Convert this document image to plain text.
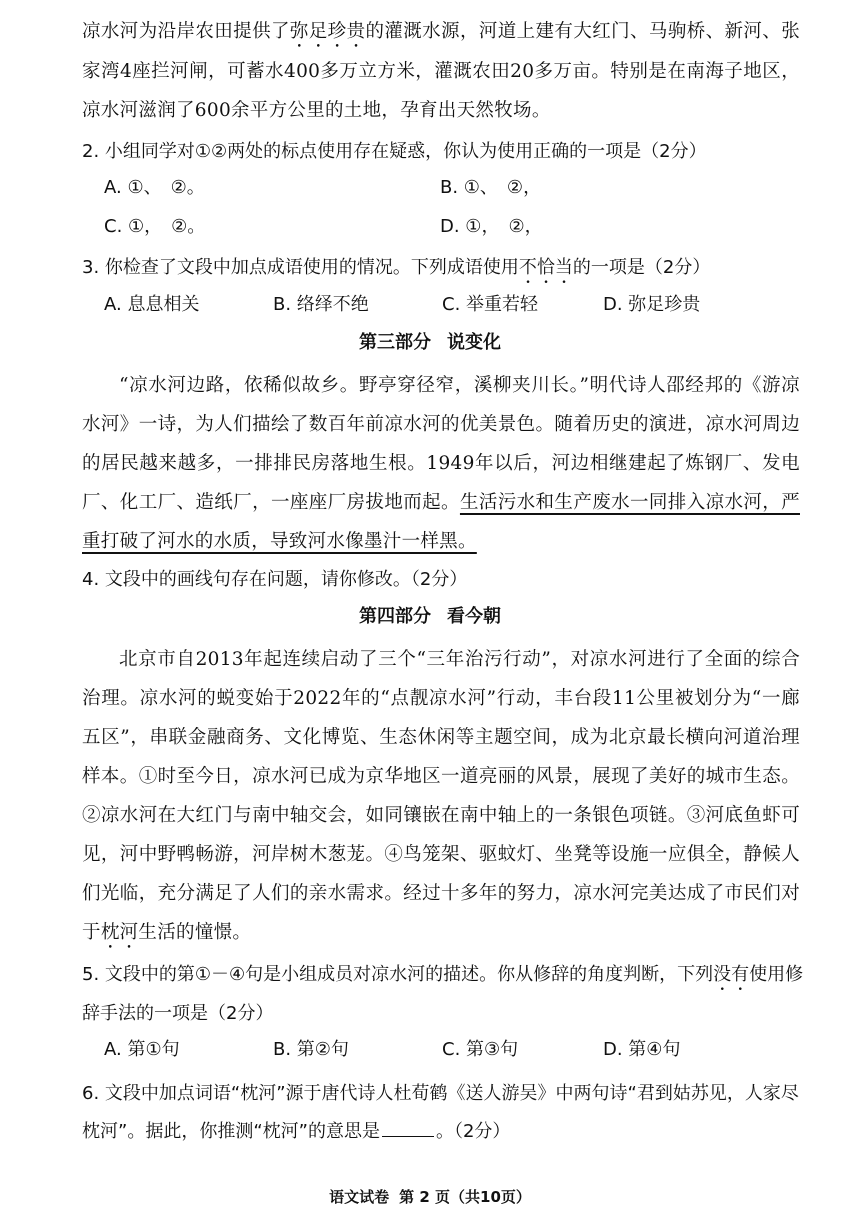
凉水河为沿岸农田提供了弥足珍贵的灌溉水源，河道上建有大红门、马驹桥、新河、张家湾4座拦河闸，可蓄水400多万立方米，灌溉农田20多万亩。特别是在南海子地区，凉水河滋润了600余平方公里的土地，孕育出天然牧场。

2. 小组同学对①②两处的标点使用存在疑惑，你认为使用正确的一项是（2分）

A. ①、　②。	B. ①、　②，
C. ①，　②。	D. ①，　②，

3. 你检查了文段中加点成语使用的情况。下列成语使用不恰当的一项是（2分）

A. 息息相关	B. 络绎不绝	C. 举重若轻	D. 弥足珍贵
第三部分 说变化

“凉水河边路，依稀似故乡。野亭穿径窄，溪柳夹川长。”明代诗人邵经邦的《游凉水河》一诗，为人们描绘了数百年前凉水河的优美景色。随着历史的演进，凉水河周边的居民越来越多，一排排民房落地生根。1949年以后，河边相继建起了炼钢厂、发电厂、化工厂、造纸厂，一座座厂房拔地而起。生活污水和生产废水一同排入凉水河，严重打破了河水的水质，导致河水像墨汁一样黑。

4. 文段中的画线句存在问题，请你修改。（2分）

第四部分 看今朝

北京市自2013年起连续启动了三个“三年治污行动”，对凉水河进行了全面的综合治理。凉水河的蜕变始于2022年的“点靓凉水河”行动，丰台段11公里被划分为“一廊五区”，串联金融商务、文化博览、生态休闲等主题空间，成为北京最长横向河道治理样本。①时至今日，凉水河已成为京华地区一道亮丽的风景，展现了美好的城市生态。②凉水河在大红门与南中轴交会，如同镶嵌在南中轴上的一条银色项链。③河底鱼虾可见，河中野鸭畅游，河岸树木葱茏。④鸟笼架、驱蚊灯、坐凳等设施一应俱全，静候人们光临，充分满足了人们的亲水需求。经过十多年的努力，凉水河完美达成了市民们对于枕河生活的憧憬。

5. 文段中的第①－④句是小组成员对凉水河的描述。你从修辞的角度判断，下列没有使用修辞手法的一项是（2分）

A. 第①句	B. 第②句	C. 第③句	D. 第④句

6. 文段中加点词语“枕河”源于唐代诗人杜荀鹤《送人游吴》中两句诗“君到姑苏见，人家尽枕河”。据此，你推测“枕河”的意思是	。（2分）

语文试卷 第 2 页（共10页）
